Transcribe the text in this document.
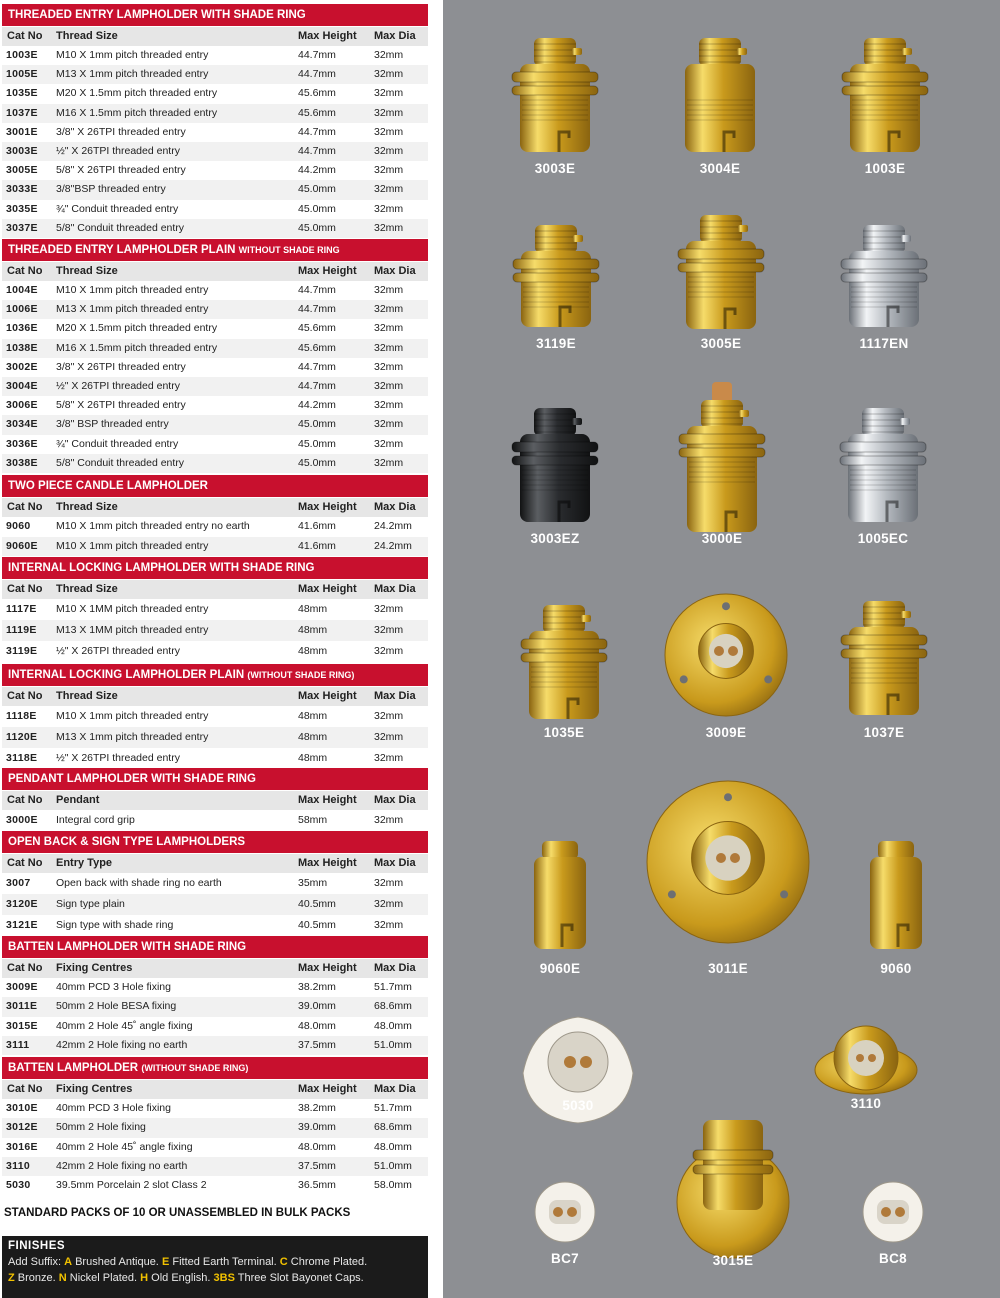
THREADED ENTRY LAMPHOLDER WITH SHADE RING
Cat No Thread Size	Max Height Max Dia
1003E M10 X 1mm pitch threaded entry	44.7mm	32mm
1005E M13 X 1mm pitch threaded entry	44.7mm	32mm
1035E M20 X 1.5mm pitch threaded entry	45.6mm	32mm
1037E M16 X 1.5mm pitch threaded entry	45.6mm	32mm
3001E 3/8" X 26TPI threaded entry	44.7mm	32mm
3003E ½" X 26TPI threaded entry	44.7mm	32mm
3005E 5/8" X 26TPI threaded entry	44.2mm	32mm
3033E 3/8"BSP threaded entry	45.0mm	32mm
3035E ¾" Conduit threaded entry	45.0mm	32mm
3037E 5/8" Conduit threaded entry	45.0mm	32mm
THREADED ENTRY LAMPHOLDER PLAIN WITHOUT SHADE RING
Cat No Thread Size	Max Height Max Dia
1004E M10 X 1mm pitch threaded entry	44.7mm	32mm
1006E M13 X 1mm pitch threaded entry	44.7mm	32mm
1036E M20 X 1.5mm pitch threaded entry	45.6mm	32mm
1038E M16 X 1.5mm pitch threaded entry	45.6mm	32mm
3002E 3/8" X 26TPI threaded entry	44.7mm	32mm
3004E ½" X 26TPI threaded entry	44.7mm	32mm
3006E 5/8" X 26TPI threaded entry	44.2mm	32mm
3034E 3/8" BSP threaded entry	45.0mm	32mm
3036E ¾" Conduit threaded entry	45.0mm	32mm
3038E 5/8" Conduit threaded entry	45.0mm	32mm
TWO PIECE CANDLE LAMPHOLDER
Cat No Thread Size	Max Height Max Dia
9060 M10 X 1mm pitch threaded entry no earth	41.6mm	24.2mm
9060E M10 X 1mm pitch threaded entry	41.6mm	24.2mm
INTERNAL LOCKING LAMPHOLDER WITH SHADE RING
Cat No Thread Size	Max Height Max Dia
1117E M10 X 1MM pitch threaded entry	48mm	32mm
1119E M13 X 1MM pitch threaded entry	48mm	32mm
3119E ½" X 26TPI threaded entry	48mm	32mm
INTERNAL LOCKING LAMPHOLDER PLAIN (WITHOUT SHADE RING)
Cat No Thread Size	Max Height Max Dia
1118E M10 X 1mm pitch threaded entry	48mm	32mm
1120E M13 X 1mm pitch threaded entry	48mm	32mm
3118E ½" X 26TPI threaded entry	48mm	32mm
PENDANT LAMPHOLDER WITH SHADE RING
Cat No Pendant	Max Height Max Dia
3000E Integral cord grip	58mm	32mm
OPEN BACK & SIGN TYPE LAMPHOLDERS
Cat No Entry Type	Max Height Max Dia
3007 Open back with shade ring no earth	35mm	32mm
3120E Sign type plain	40.5mm	32mm
3121E Sign type with shade ring	40.5mm	32mm
BATTEN LAMPHOLDER WITH SHADE RING
Cat No Fixing Centres	Max Height Max Dia
3009E 40mm PCD 3 Hole fixing	38.2mm	51.7mm
3011E 50mm 2 Hole BESA fixing	39.0mm	68.6mm
3015E 40mm 2 Hole 45˚ angle fixing	48.0mm	48.0mm
3111	42mm 2 Hole fixing no earth	37.5mm	51.0mm
BATTEN LAMPHOLDER (WITHOUT SHADE RING)
Cat No Fixing Centres	Max Height Max Dia
3010E 40mm PCD 3 Hole fixing	38.2mm	51.7mm
3012E 50mm 2 Hole fixing	39.0mm	68.6mm
3016E 40mm 2 Hole 45˚ angle fixing	48.0mm	48.0mm
3110 42mm 2 Hole fixing no earth	37.5mm	51.0mm
5030 39.5mm Porcelain 2 slot Class 2	36.5mm	58.0mm
STANDARD PACKS OF 10 OR UNASSEMBLED IN BULK PACKS
FINISHES
Add Suffix: A Brushed Antique. E Fitted Earth Terminal. C Chrome Plated.
Z Bronze. N Nickel Plated. H Old English. 3BS Three Slot Bayonet Caps.
3003E	3004E	1003E
3119E	3005E	1117EN
3003EZ	3000E	1005EC
1035E	3009E	1037E
9060E	3011E	9060
5030	3110
3015E
BC7	BC8
